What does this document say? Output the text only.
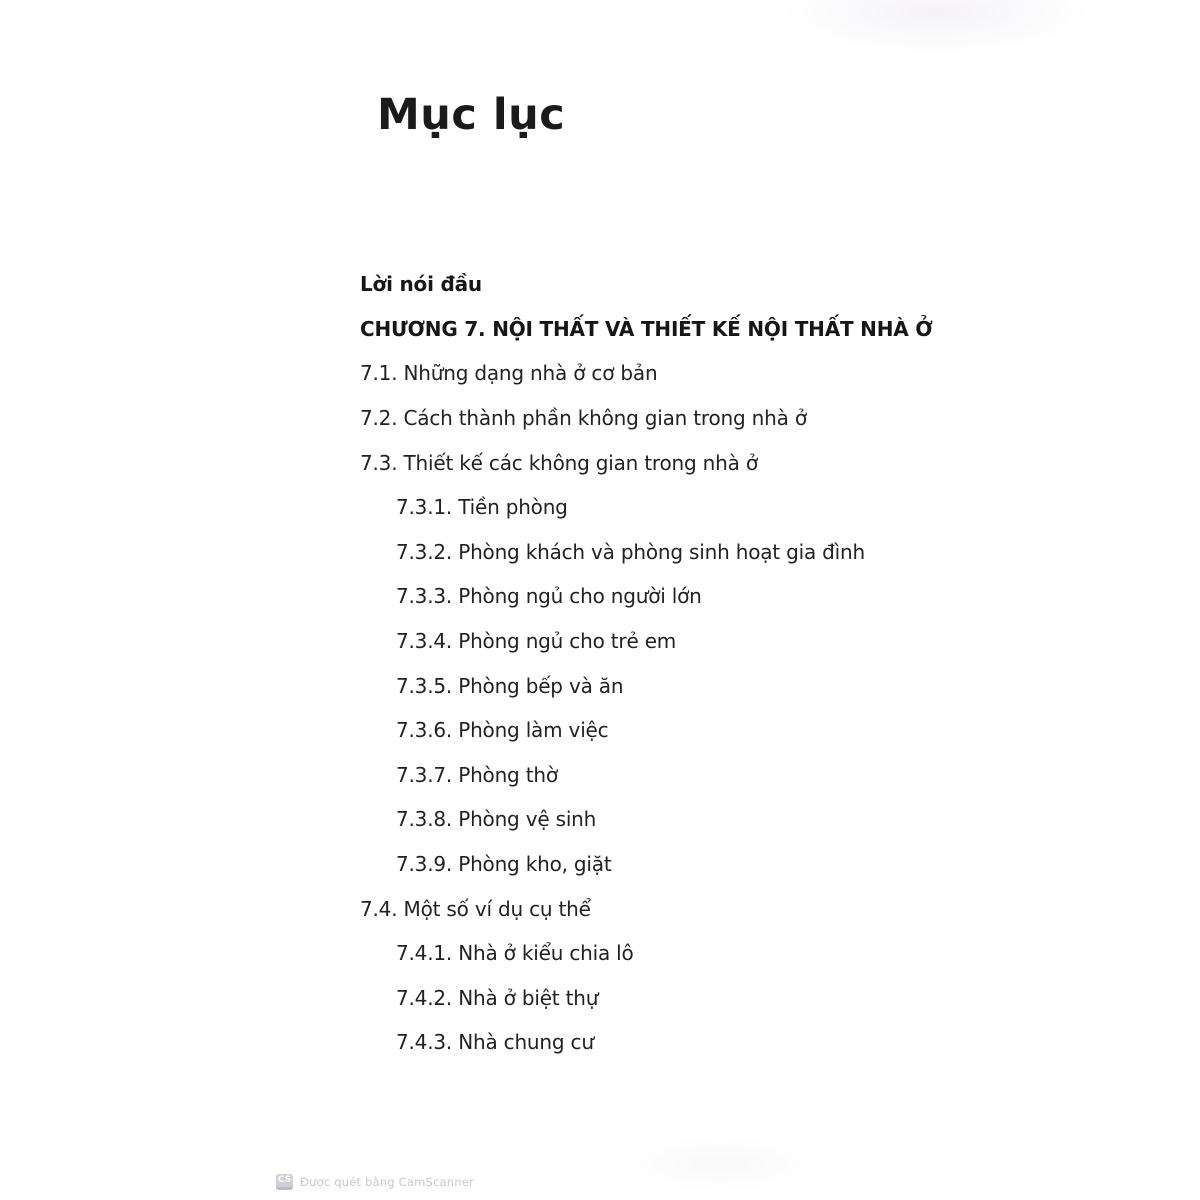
Mục lục
Lời nói đầu
CHƯƠNG 7. NỘI THẤT VÀ THIẾT KẾ NỘI THẤT NHÀ Ở
7.1. Những dạng nhà ở cơ bản
7.2. Cách thành phần không gian trong nhà ở
7.3. Thiết kế các không gian trong nhà ở
7.3.1. Tiền phòng
7.3.2. Phòng khách và phòng sinh hoạt gia đình
7.3.3. Phòng ngủ cho người lớn
7.3.4. Phòng ngủ cho trẻ em
7.3.5. Phòng bếp và ăn
7.3.6. Phòng làm việc
7.3.7. Phòng thờ
7.3.8. Phòng vệ sinh
7.3.9. Phòng kho, giặt
7.4. Một số ví dụ cụ thể
7.4.1. Nhà ở kiểu chia lô
7.4.2. Nhà ở biệt thự
7.4.3. Nhà chung cư
CS Được quét bằng CamScanner
